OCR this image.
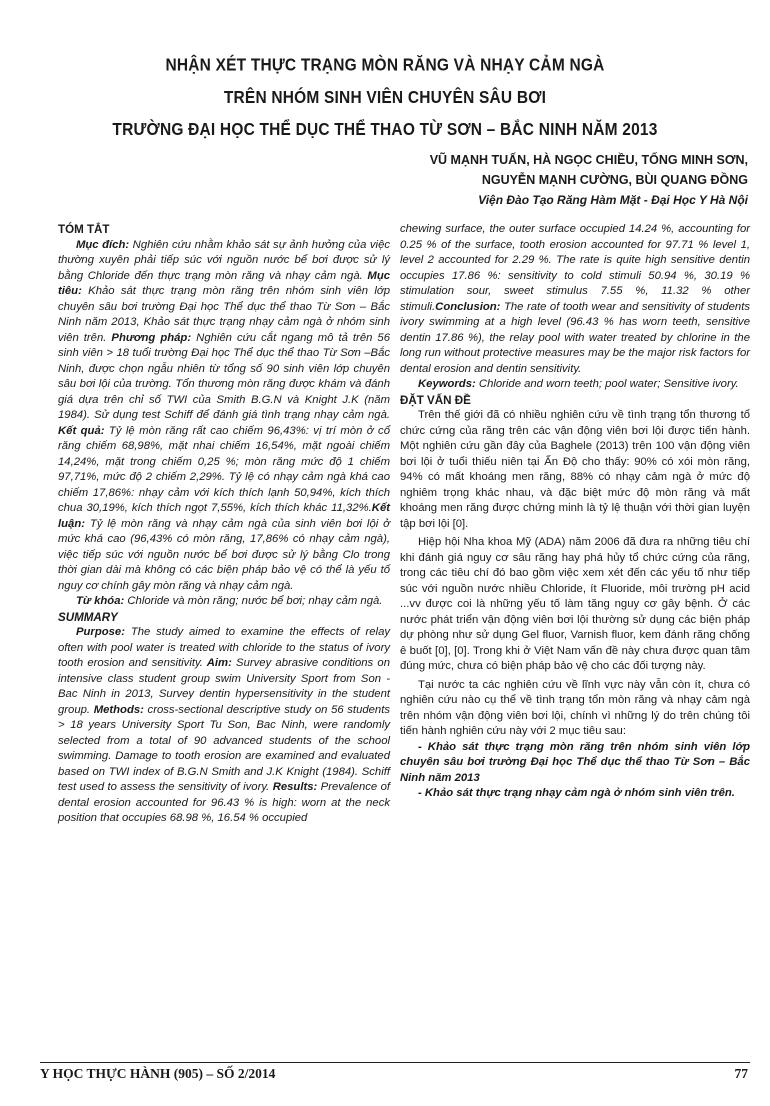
NHẬN XÉT THỰC TRẠNG MÒN RĂNG VÀ NHẠY CẢM NGÀ
TRÊN NHÓM SINH VIÊN CHUYÊN SÂU BƠI
TRƯỜNG ĐẠI HỌC THỂ DỤC THỂ THAO TỪ SƠN – BẮC NINH NĂM 2013
VŨ MẠNH TUẤN, HÀ NGỌC CHIỀU, TỐNG MINH SƠN,
NGUYỄN MẠNH CƯỜNG, BÙI QUANG ĐỒNG
Viện Đào Tạo Răng Hàm Mặt - Đại Học Y Hà Nội

TÓM TẮT

Mục đích: Nghiên cứu nhằm khảo sát sự ảnh hưởng của việc thường xuyên phải tiếp súc với nguồn nước bể bơi được sử lý bằng Chloride đến thực trạng mòn răng và nhạy cảm ngà. Mục tiêu: Khảo sát thực trạng mòn răng trên nhóm sinh viên lớp chuyên sâu bơi trường Đại học Thể dục thể thao Từ Sơn – Bắc Ninh năm 2013, Khảo sát thực trạng nhạy cảm ngà ở nhóm sinh viên trên. Phương pháp: Nghiên cứu cắt ngang mô tả trên 56 sinh viên > 18 tuổi trường Đại học Thể dục thể thao Từ Sơn –Bắc Ninh, được chọn ngẫu nhiên từ tổng số 90 sinh viên lớp chuyên sâu bơi lội của trường. Tổn thương mòn răng được khám và đánh giá dựa trên chỉ số TWI của Smith B.G.N và Knight J.K (năm 1984). Sử dụng test Schiff để đánh giá tình trạng nhạy cảm ngà. Kết quả: Tỷ lệ mòn răng rất cao chiếm 96,43%: vị trí mòn ở cổ răng chiếm 68,98%, mặt nhai chiếm 16,54%, mặt ngoài chiếm 14,24%, mặt trong chiếm 0,25 %; mòn răng mức độ 1 chiếm 97,71%, mức độ 2 chiếm 2,29%. Tỷ lệ có nhạy cảm ngà khá cao chiếm 17,86%: nhạy cảm với kích thích lạnh 50,94%, kích thích chua 30,19%, kích thích ngọt 7,55%, kích thích khác 11,32%.Kết luận: Tỷ lệ mòn răng và nhạy cảm ngà của sinh viên bơi lội ở mức khá cao (96,43% có mòn răng, 17,86% có nhạy cảm ngà), việc tiếp súc với nguồn nước bể bơi được sử lý bằng Clo trong thời gian dài mà không có các biện pháp bảo vệ có thể là yếu tố nguy cơ chính gây mòn răng và nhạy cảm ngà.

Từ khóa: Chloride và mòn răng; nước bể bơi; nhạy cảm ngà.

SUMMARY

Purpose: The study aimed to examine the effects of relay often with pool water is treated with chloride to the status of ivory tooth erosion and sensitivity. Aim: Survey abrasive conditions on intensive class student group swim University Sport from Son - Bac Ninh in 2013, Survey dentin hypersensitivity in the student group. Methods: cross-sectional descriptive study on 56 students > 18 years University Sport Tu Son, Bac Ninh, were randomly selected from a total of 90 advanced students of the school swimming. Damage to tooth erosion are examined and evaluated based on TWI index of B.G.N Smith and J.K Knight (1984). Schiff test used to assess the sensitivity of ivory. Results: Prevalence of dental erosion accounted for 96.43 % is high: worn at the neck position that occupies 68.98 %, 16.54 % occupied

chewing surface, the outer surface occupied 14.24 %, accounting for 0.25 % of the surface, tooth erosion accounted for 97.71 % level 1, level 2 accounted for 2.29 %. The rate is quite high sensitive dentin occupies 17.86 %: sensitivity to cold stimuli 50.94 %, 30.19 % stimulation sour, sweet stimulus 7.55 %, 11.32 % other stimuli.Conclusion: The rate of tooth wear and sensitivity of students ivory swimming at a high level (96.43 % has worn teeth, sensitive dentin 17.86 %), the relay pool with water treated by chlorine in the long run without protective measures may be the major risk factors for dental erosion and dentin sensitivity.

Keywords: Chloride and worn teeth; pool water; Sensitive ivory.

ĐẶT VẤN ĐỀ

Trên thế giới đã có nhiều nghiên cứu về tình trạng tổn thương tổ chức cứng của răng trên các vận động viên bơi lội được tiến hành. Một nghiên cứu gần đây của Baghele (2013) trên 100 vận động viên bơi lội ở tuổi thiếu niên tại Ấn Độ cho thấy: 90% có xói mòn răng, 94% có mất khoáng men răng, 88% có nhạy cảm ngà ở mức độ nghiêm trọng khác nhau, và đặc biệt mức độ mòn răng và mất khoáng men răng được chứng minh là tỷ lệ thuận với thời gian luyện tập bơi lội [0].

Hiệp hội Nha khoa Mỹ (ADA) năm 2006 đã đưa ra những tiêu chí khi đánh giá nguy cơ sâu răng hay phá hủy tổ chức cứng của răng, trong các tiêu chí đó bao gồm việc xem xét đến các yếu tố như tiếp súc với nguồn nước nhiều Chloride, ít Fluoride, môi trường pH acid ...vv được coi là những yếu tố làm tăng nguy cơ gây bệnh. Ở các nước phát triển vận động viên bơi lội thường sử dụng các biện pháp dự phòng như sử dụng Gel fluor, Varnish fluor, kem đánh răng chống ê buốt [0], [0]. Trong khi ở Việt Nam vấn đề này chưa được quan tâm đúng mức, chưa có biện pháp bảo vệ cho các đối tượng này.

Tại nước ta các nghiên cứu về lĩnh vực này vẫn còn ít, chưa có nghiên cứu nào cụ thể về tình trạng tổn mòn răng và nhạy cảm ngà trên nhóm vận động viên bơi lội, chính vì những lý do trên chúng tôi tiến hành nghiên cứu này với 2 mục tiêu sau:

- Khảo sát thực trạng mòn răng trên nhóm sinh viên lớp chuyên sâu bơi trường Đại học Thể dục thể thao Từ Sơn – Bắc Ninh năm 2013

- Khảo sát thực trạng nhạy cảm ngà ở nhóm sinh viên trên.

Y HỌC THỰC HÀNH (905) – SỐ 2/2014	77
